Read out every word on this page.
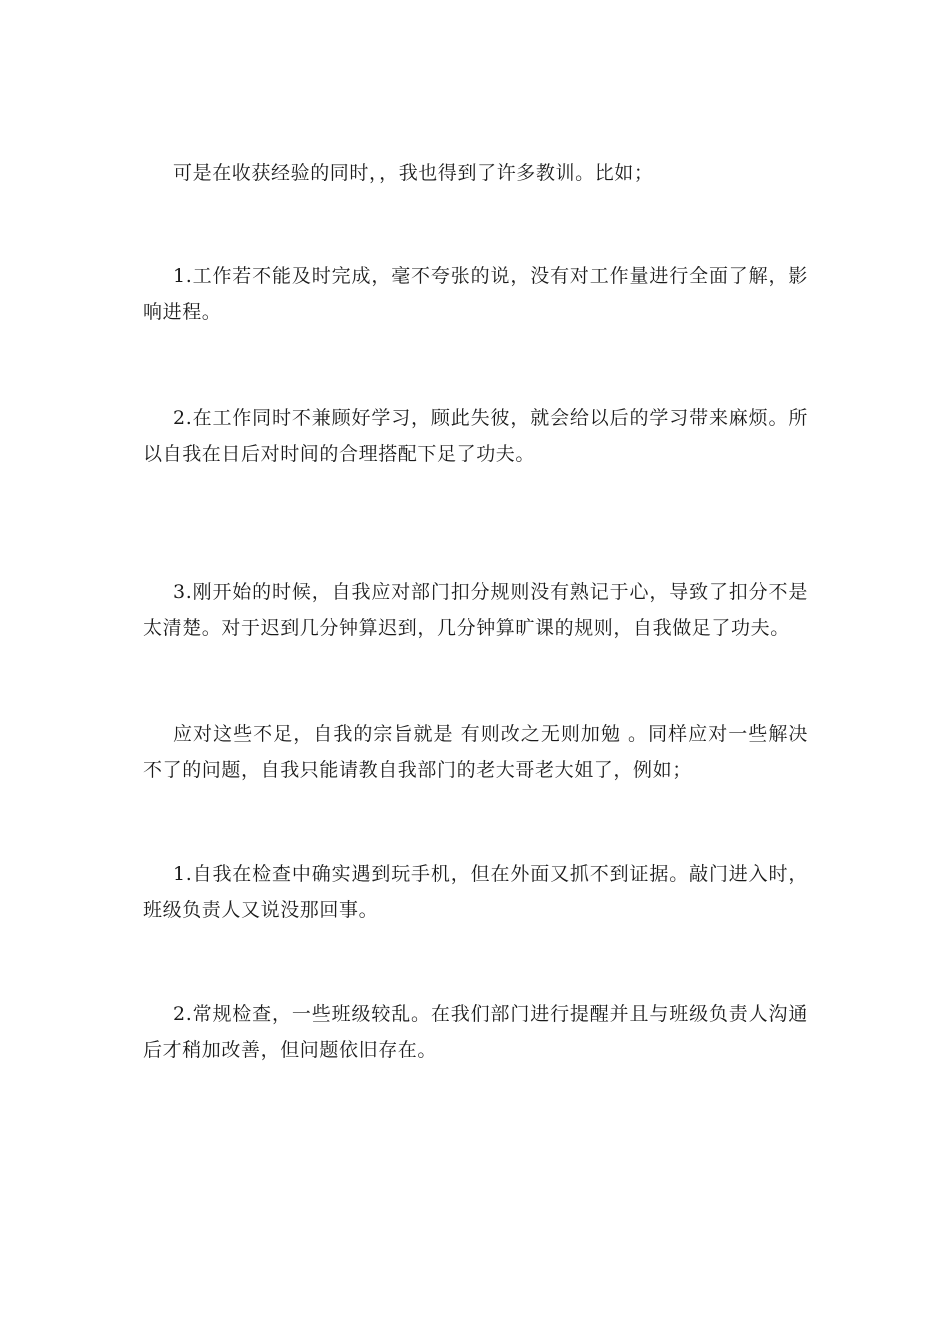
可是在收获经验的同时，，我也得到了许多教训。比如；

1.工作若不能及时完成，毫不夸张的说，没有对工作量进行全面了解，影响进程。

2.在工作同时不兼顾好学习，顾此失彼，就会给以后的学习带来麻烦。所以自我在日后对时间的合理搭配下足了功夫。

3.刚开始的时候，自我应对部门扣分规则没有熟记于心，导致了扣分不是太清楚。对于迟到几分钟算迟到，几分钟算旷课的规则，自我做足了功夫。

应对这些不足，自我的宗旨就是 有则改之无则加勉 。同样应对一些解决不了的问题，自我只能请教自我部门的老大哥老大姐了，例如；

1.自我在检查中确实遇到玩手机，但在外面又抓不到证据。敲门进入时，班级负责人又说没那回事。

2.常规检查，一些班级较乱。在我们部门进行提醒并且与班级负责人沟通后才稍加改善，但问题依旧存在。
